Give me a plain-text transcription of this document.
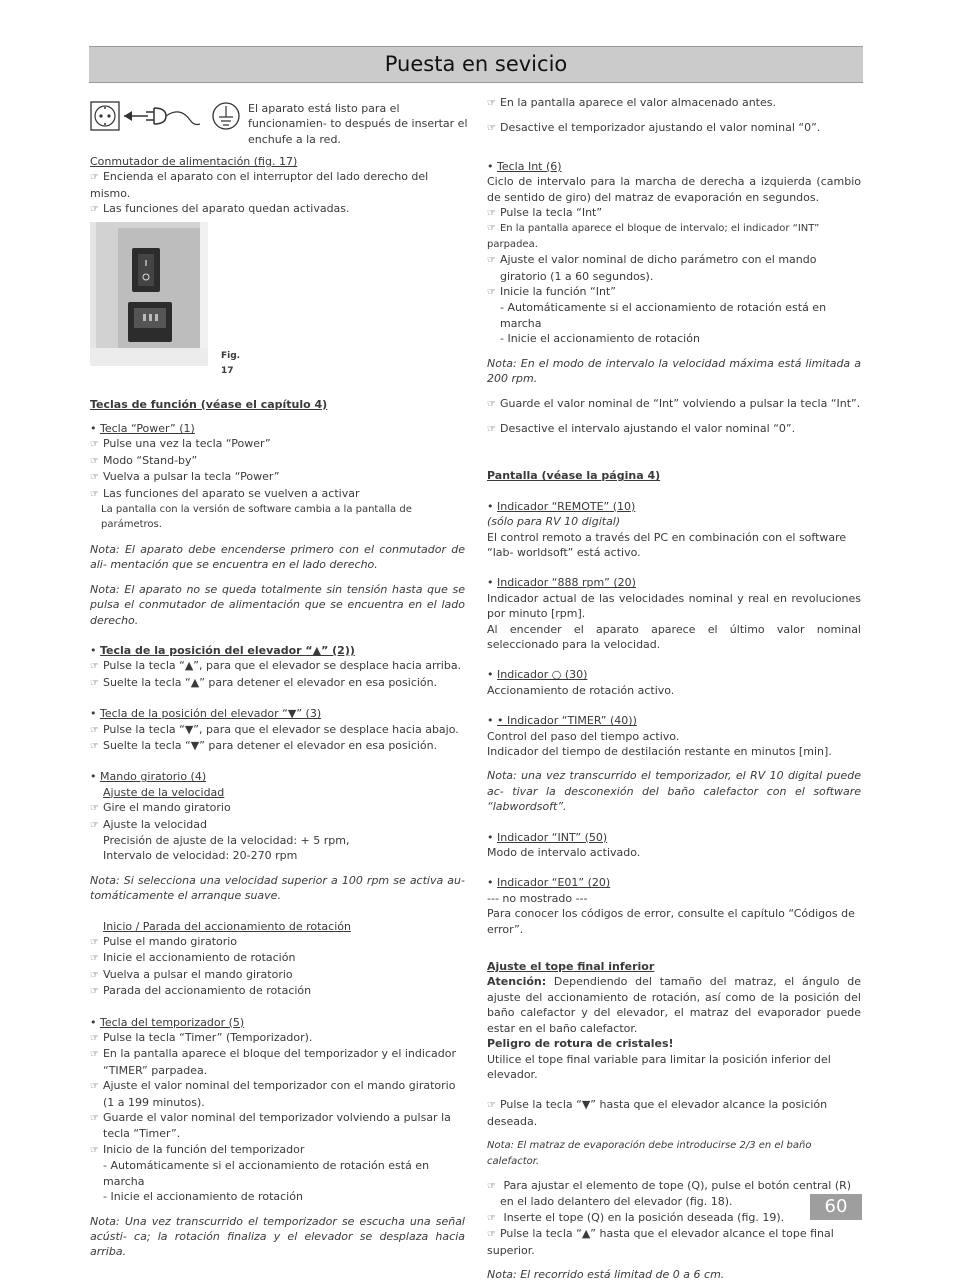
Puesta en sevicio
El aparato está listo para el funcionamien- to después de insertar el enchufe a la red.

Conmutador de alimentación (fig. 17)

☞ Encienda el aparato con el interruptor del lado derecho del mismo.

☞ Las funciones del aparato quedan activadas.

Fig. 17

Teclas de función (véase el capítulo 4)

• Tecla “Power” (1)

☞ Pulse una vez la tecla “Power”

☞ Modo “Stand-by”

☞ Vuelva a pulsar la tecla “Power”

☞ Las funciones del aparato se vuelven a activar

La pantalla con la versión de software cambia a la pantalla de parámetros.

Nota: El aparato debe encenderse primero con el conmutador de ali- mentación que se encuentra en el lado derecho.

Nota: El aparato no se queda totalmente sin tensión hasta que se pulsa el conmutador de alimentación que se encuentra en el lado derecho.

• Tecla de la posición del elevador “▲” (2))

☞ Pulse la tecla “▲”, para que el elevador se desplace hacia arriba.

☞ Suelte la tecla “▲” para detener el elevador en esa posición.

• Tecla de la posición del elevador “▼” (3)

☞ Pulse la tecla “▼”, para que el elevador se desplace hacia abajo.

☞ Suelte la tecla “▼” para detener el elevador en esa posición.

• Mando giratorio (4)

Ajuste de la velocidad

☞ Gire el mando giratorio

☞ Ajuste la velocidad

Precisión de ajuste de la velocidad: + 5 rpm,

Intervalo de velocidad: 20-270 rpm

Nota: Si selecciona una velocidad superior a 100 rpm se activa au- tomáticamente el arranque suave.

Inicio / Parada del accionamiento de rotación

☞ Pulse el mando giratorio

☞ Inicie el accionamiento de rotación

☞ Vuelva a pulsar el mando giratorio

☞ Parada del accionamiento de rotación

• Tecla del temporizador (5)

☞ Pulse la tecla “Timer” (Temporizador).

☞ En la pantalla aparece el bloque del temporizador y el indicador “TIMER” parpadea.

☞ Ajuste el valor nominal del temporizador con el mando giratorio (1 a 199 minutos).

☞ Guarde el valor nominal del temporizador volviendo a pulsar la tecla “Timer”.

☞ Inicio de la función del temporizador

- Automáticamente si el accionamiento de rotación está en marcha

- Inicie el accionamiento de rotación

Nota: Una vez transcurrido el temporizador se escucha una señal acústi- ca; la rotación finaliza y el elevador se desplaza hacia arriba.

☞ En la pantalla aparece el valor almacenado antes.

☞ Desactive el temporizador ajustando el valor nominal “0”.

• Tecla Int (6)

Ciclo de intervalo para la marcha de derecha a izquierda (cambio de sentido de giro) del matraz de evaporación en segundos.

☞ Pulse la tecla “Int”

☞ En la pantalla aparece el bloque de intervalo; el indicador “INT” parpadea.

☞ Ajuste el valor nominal de dicho parámetro con el mando giratorio (1 a 60 segundos).

☞ Inicie la función “Int”

- Automáticamente si el accionamiento de rotación está en marcha

- Inicie el accionamiento de rotación

Nota: En el modo de intervalo la velocidad máxima está limitada a 200 rpm.

☞ Guarde el valor nominal de “Int” volviendo a pulsar la tecla “Int”.

☞ Desactive el intervalo ajustando el valor nominal “0”.

Pantalla (véase la página 4)

• Indicador “REMOTE” (10)

(sólo para RV 10 digital)

El control remoto a través del PC en combinación con el software “lab- worldsoft” está activo.

• Indicador “888 rpm” (20)

Indicador actual de las velocidades nominal y real en revoluciones por minuto [rpm].

Al encender el aparato aparece el último valor nominal seleccionado para la velocidad.

• Indicador ○ (30)

Accionamiento de rotación activo.

• • Indicador “TIMER” (40))

Control del paso del tiempo activo.

Indicador del tiempo de destilación restante en minutos [min].

Nota: una vez transcurrido el temporizador, el RV 10 digital puede ac- tivar la desconexión del baño calefactor con el software “labwordsoft”.

• Indicador “INT” (50)

Modo de intervalo activado.

• Indicador “E01” (20)

--- no mostrado ---

Para conocer los códigos de error, consulte el capítulo “Códigos de error”.

Ajuste el tope final inferior

Atención: Dependiendo del tamaño del matraz, el ángulo de ajuste del accionamiento de rotación, así como de la posición del baño calefactor y del elevador, el matraz del evaporador puede estar en el baño calefactor.

Peligro de rotura de cristales!

Utilice el tope final variable para limitar la posición inferior del elevador.

☞ Pulse la tecla “▼” hasta que el elevador alcance la posición deseada.

Nota: El matraz de evaporación debe introducirse 2/3 en el baño calefactor.

☞ Para ajustar el elemento de tope (Q), pulse el botón central (R) en el lado delantero del elevador (fig. 18).

☞ Inserte el tope (Q) en la posición deseada (fig. 19).

☞ Pulse la tecla “▲” hasta que el elevador alcance el tope final superior.

Nota: El recorrido está limitad de 0 a 6 cm.

60
